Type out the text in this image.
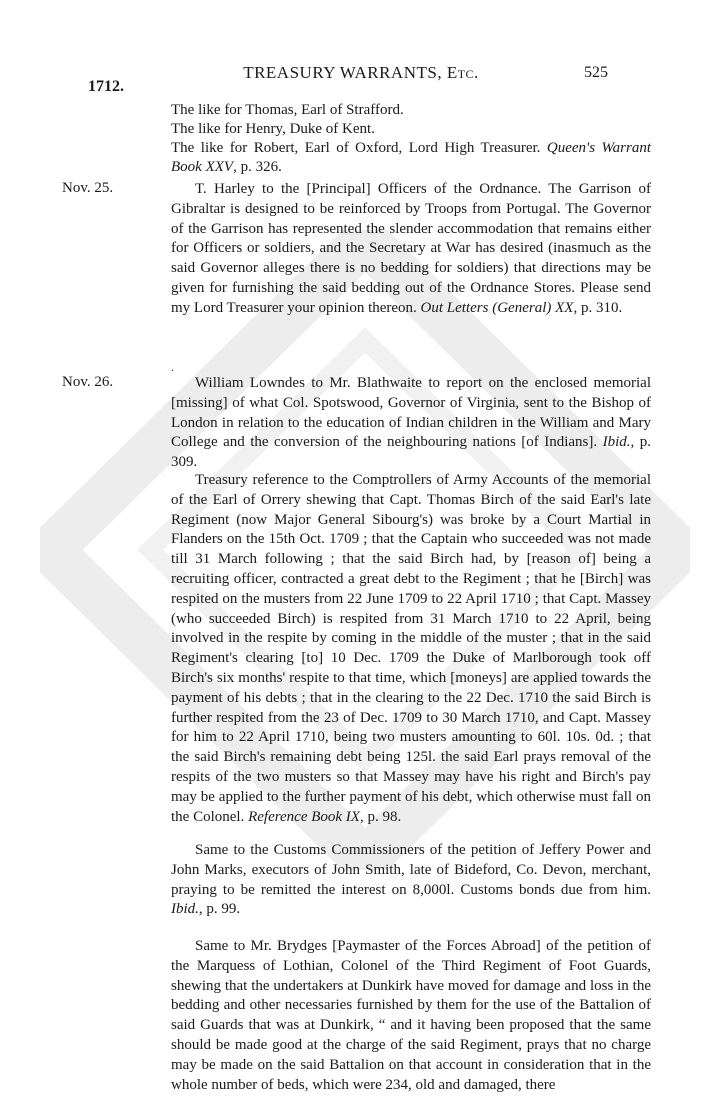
1712.
TREASURY WARRANTS, Etc.	525
The like for Thomas, Earl of Strafford.
The like for Henry, Duke of Kent.
The like for Robert, Earl of Oxford, Lord High Treasurer. Queen's Warrant Book XXV, p. 326.
Nov. 25.	T. Harley to the [Principal] Officers of the Ordnance. The Garrison of Gibraltar is designed to be reinforced by Troops from Portugal. The Governor of the Garrison has represented the slender accommodation that remains either for Officers or soldiers, and the Secretary at War has desired (inasmuch as the said Governor alleges there is no bedding for soldiers) that directions may be given for furnishing the said bedding out of the Ordnance Stores. Please send my Lord Treasurer your opinion thereon. Out Letters (General) XX, p. 310.

.
Nov. 26.	William Lowndes to Mr. Blathwaite to report on the enclosed memorial [missing] of what Col. Spotswood, Governor of Virginia, sent to the Bishop of London in relation to the education of Indian children in the William and Mary College and the conversion of the neighbouring nations [of Indians]. Ibid., p. 309.

Treasury reference to the Comptrollers of Army Accounts of the memorial of the Earl of Orrery shewing that Capt. Thomas Birch of the said Earl's late Regiment (now Major General Sibourg's) was broke by a Court Martial in Flanders on the 15th Oct. 1709 ; that the Captain who succeeded was not made till 31 March following ; that the said Birch had, by [reason of] being a recruiting officer, contracted a great debt to the Regiment ; that he [Birch] was respited on the musters from 22 June 1709 to 22 April 1710 ; that Capt. Massey (who succeeded Birch) is respited from 31 March 1710 to 22 April, being involved in the respite by coming in the middle of the muster ; that in the said Regiment's clearing [to] 10 Dec. 1709 the Duke of Marlborough took off Birch's six months' respite to that time, which [moneys] are applied towards the payment of his debts ; that in the clearing to the 22 Dec. 1710 the said Birch is further respited from the 23 of Dec. 1709 to 30 March 1710, and Capt. Massey for him to 22 April 1710, being two musters amounting to 60l. 10s. 0d. ; that the said Birch's remaining debt being 125l. the said Earl prays removal of the respits of the two musters so that Massey may have his right and Birch's pay may be applied to the further payment of his debt, which otherwise must fall on the Colonel. Reference Book IX, p. 98.

Same to the Customs Commissioners of the petition of Jeffery Power and John Marks, executors of John Smith, late of Bideford, Co. Devon, merchant, praying to be remitted the interest on 8,000l. Customs bonds due from him. Ibid., p. 99.

Same to Mr. Brydges [Paymaster of the Forces Abroad] of the petition of the Marquess of Lothian, Colonel of the Third Regiment of Foot Guards, shewing that the undertakers at Dunkirk have moved for damage and loss in the bedding and other necessaries furnished by them for the use of the Battalion of said Guards that was at Dunkirk, “ and it having been proposed that the same should be made good at the charge of the said Regiment, prays that no charge may be made on the said Battalion on that account in consideration that in the whole number of beds, which were 234, old and damaged, there
